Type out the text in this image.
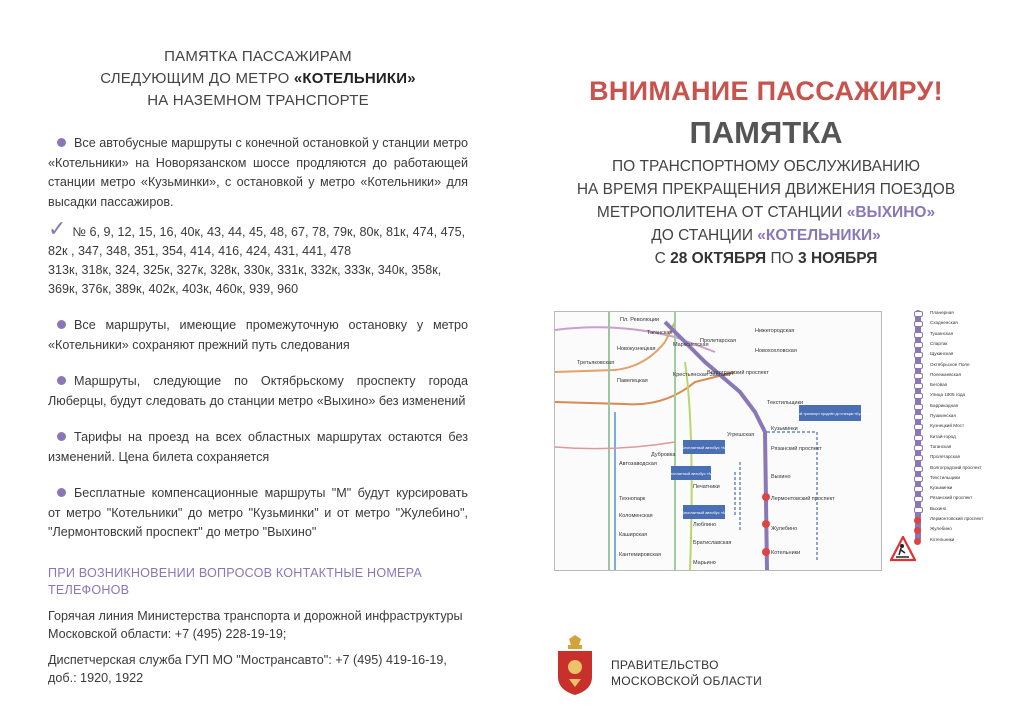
ПАМЯТКА ПАССАЖИРАМ
СЛЕДУЮЩИМ ДО МЕТРО «КОТЕЛЬНИКИ»
НА НАЗЕМНОМ ТРАНСПОРТЕ
Все автобусные маршруты с конечной остановкой у станции метро «Котельники» на Новорязанском шоссе продляются до работающей станции метро «Кузьминки», с остановкой у метро «Котельники» для высадки пассажиров.
✓ № 6, 9, 12, 15, 16, 40к, 43, 44, 45, 48, 67, 78, 79к, 80к, 81к, 474, 475, 82к , 347, 348, 351, 354, 414, 416, 424, 431, 441, 478
313к, 318к, 324, 325к, 327к, 328к, 330к, 331к, 332к, 333к, 340к, 358к, 369к, 376к, 389к, 402к, 403к, 460к, 939, 960
Все маршруты, имеющие промежуточную остановку у метро «Котельники» сохраняют прежний путь следования
Маршруты, следующие по Октябрьскому проспекту города Люберцы, будут следовать до станции метро «Выхино» без изменений
Тарифы на проезд на всех областных маршрутах остаются без изменений. Цена билета сохраняется
Бесплатные компенсационные маршруты "М" будут курсировать от метро "Котельники" до метро "Кузьминки" и от метро "Жулебино", "Лермонтовский проспект" до метро "Выхино"
ПРИ ВОЗНИКНОВЕНИИ ВОПРОСОВ КОНТАКТНЫЕ НОМЕРА ТЕЛЕФОНОВ
Горячая линия Министерства транспорта и дорожной инфраструктуры Московской области: +7 (495) 228-19-19;
Диспетчерская служба ГУП МО "Мострансавто": +7 (495) 419-16-19, доб.: 1920, 1922
ВНИМАНИЕ ПАССАЖИРУ!
ПАМЯТКА
ПО ТРАНСПОРТНОМУ ОБСЛУЖИВАНИЮ
НА ВРЕМЯ ПРЕКРАЩЕНИЯ ДВИЖЕНИЯ ПОЕЗДОВ
МЕТРОПОЛИТЕНА ОТ СТАНЦИИ «ВЫХИНО»
ДО СТАНЦИИ «КОТЕЛЬНИКИ»
С 28 ОКТЯБРЯ ПО 3 НОЯБРЯ
Бесплатный автобус «М»
Бесплатный автобус «М»
Бесплатный автобус «М»
Областной транспорт продлён до станции «Кузьминки»
Пл. Революции
Таганская
Марксистская
Пролетарская
Нижегородская
Новохохловская
Новокузнецкая
Третьяковская
Павелецкая
Крестьянская Застава
Волгоградский проспект
Текстильщики
Угрешская
Кузьминки
Рязанский проспект
Выхино
Лермонтовский проспект
Жулебино
Котельники
Дубровка
Автозаводская
Печатники
Люблино
Братиславская
Марьино
Технопарк
Коломенская
Каширская
Кантемировская
Планерная
Сходненская
Тушинская
Спартак
Щукинская
Октябрьское Поле
Полежаевская
Беговая
Улица 1905 года
Баррикадная
Пушкинская
Кузнецкий Мост
Китай-город
Таганская
Пролетарская
Волгоградский проспект
Текстильщики
Кузьминки
Рязанский проспект
Выхино
Лермонтовский проспект
Жулебино
Котельники
ПРАВИТЕЛЬСТВО
МОСКОВСКОЙ ОБЛАСТИ
